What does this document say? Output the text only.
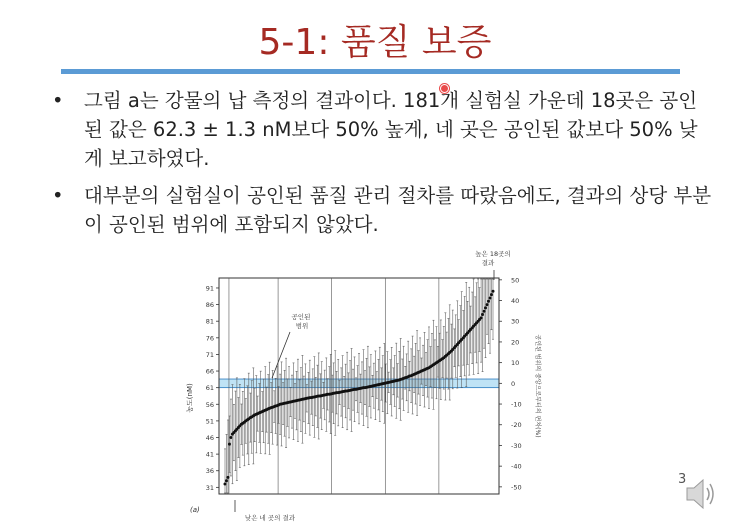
5-1: 품질 보증
• 그림 a는 강물의 납 측정의 결과이다. 181개 실험실 가운데 18곳은 공인된 값은 62.3 ± 1.3 nM보다 50% 높게, 네 곳은 공인된 값보다 50% 낮게 보고하였다.
• 대부분의 실험실이 공인된 품질 관리 절차를 따랐음에도, 결과의 상당 부분이 공인된 범위에 포함되지 않았다.
31
36
41
46
51
56
61
66
71
76
81
86
91
-50
-40
-30
-20
-10
0
10
20
30
40
50
(a)
농도(nM)	공인된 범위의 중앙으로부터의 편차(%)
공인된 범위
높은 18곳의 결과
낮은 네 곳의 결과
3
